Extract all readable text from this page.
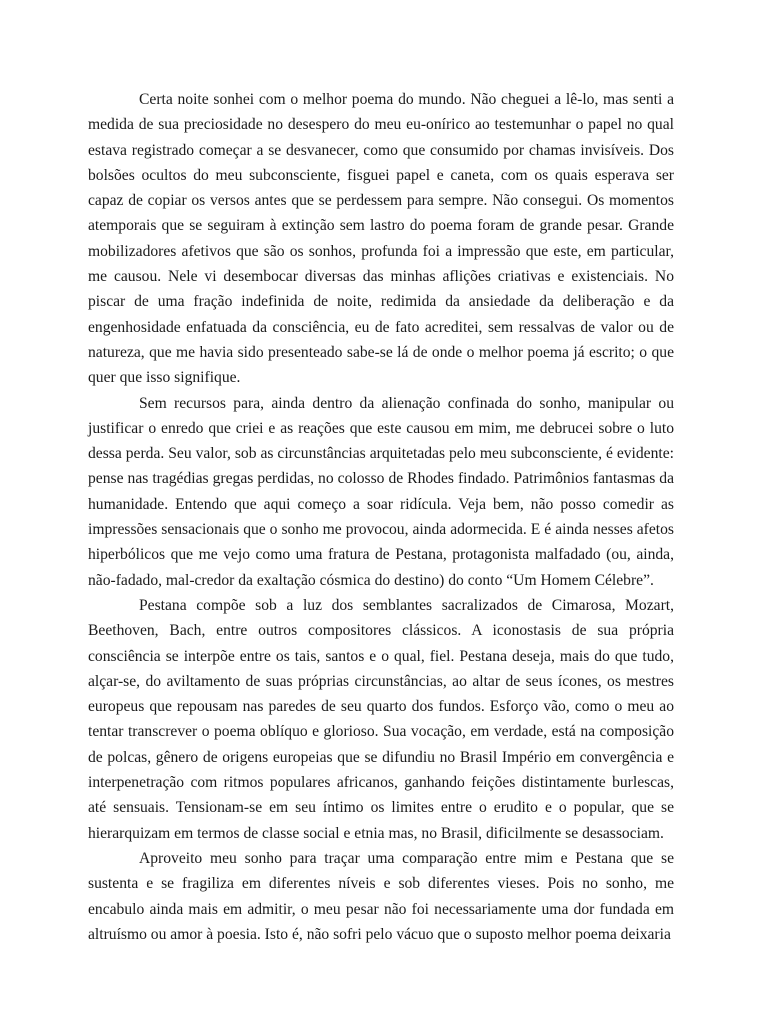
Certa noite sonhei com o melhor poema do mundo. Não cheguei a lê-lo, mas senti a medida de sua preciosidade no desespero do meu eu-onírico ao testemunhar o papel no qual estava registrado começar a se desvanecer, como que consumido por chamas invisíveis. Dos bolsões ocultos do meu subconsciente, fisguei papel e caneta, com os quais esperava ser capaz de copiar os versos antes que se perdessem para sempre. Não consegui. Os momentos atemporais que se seguiram à extinção sem lastro do poema foram de grande pesar. Grande mobilizadores afetivos que são os sonhos, profunda foi a impressão que este, em particular, me causou. Nele vi desembocar diversas das minhas aflições criativas e existenciais. No piscar de uma fração indefinida de noite, redimida da ansiedade da deliberação e da engenhosidade enfatuada da consciência, eu de fato acreditei, sem ressalvas de valor ou de natureza, que me havia sido presenteado sabe-se lá de onde o melhor poema já escrito; o que quer que isso signifique.

Sem recursos para, ainda dentro da alienação confinada do sonho, manipular ou justificar o enredo que criei e as reações que este causou em mim, me debrucei sobre o luto dessa perda. Seu valor, sob as circunstâncias arquitetadas pelo meu subconsciente, é evidente: pense nas tragédias gregas perdidas, no colosso de Rhodes findado. Patrimônios fantasmas da humanidade. Entendo que aqui começo a soar ridícula. Veja bem, não posso comedir as impressões sensacionais que o sonho me provocou, ainda adormecida. E é ainda nesses afetos hiperbólicos que me vejo como uma fratura de Pestana, protagonista malfadado (ou, ainda, não-fadado, mal-credor da exaltação cósmica do destino) do conto “Um Homem Célebre”.

Pestana compõe sob a luz dos semblantes sacralizados de Cimarosa, Mozart, Beethoven, Bach, entre outros compositores clássicos. A iconostasis de sua própria consciência se interpõe entre os tais, santos e o qual, fiel. Pestana deseja, mais do que tudo, alçar-se, do aviltamento de suas próprias circunstâncias, ao altar de seus ícones, os mestres europeus que repousam nas paredes de seu quarto dos fundos. Esforço vão, como o meu ao tentar transcrever o poema oblíquo e glorioso. Sua vocação, em verdade, está na composição de polcas, gênero de origens europeias que se difundiu no Brasil Império em convergência e interpenetração com ritmos populares africanos, ganhando feições distintamente burlescas, até sensuais. Tensionam-se em seu íntimo os limites entre o erudito e o popular, que se hierarquizam em termos de classe social e etnia mas, no Brasil, dificilmente se desassociam.

Aproveito meu sonho para traçar uma comparação entre mim e Pestana que se sustenta e se fragiliza em diferentes níveis e sob diferentes vieses. Pois no sonho, me encabulo ainda mais em admitir, o meu pesar não foi necessariamente uma dor fundada em altruísmo ou amor à poesia. Isto é, não sofri pelo vácuo que o suposto melhor poema deixaria
